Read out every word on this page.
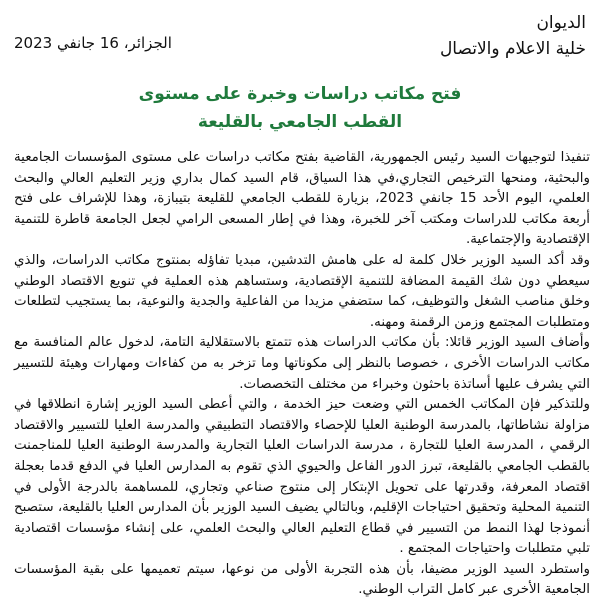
الديوان
خلية الاعلام والاتصال
الجزائر، 16 جانفي 2023
فتح مكاتب دراسات وخبرة على مستوى
القطب الجامعي بالقليعة

تنفيذا لتوجيهات السيد رئيس الجمهورية، القاضية بفتح مكاتب دراسات على مستوى المؤسسات الجامعية والبحثية، ومنحها الترخيص التجاري،في هذا السياق، قام السيد كمال بداري وزير التعليم العالي والبحث العلمي، اليوم الأحد 15 جانفي 2023، بزيارة للقطب الجامعي للقليعة بتيبازة، وهذا للإشراف على فتح أربعة مكاتب للدراسات ومكتب آخر للخبرة، وهذا في إطار المسعى الرامي لجعل الجامعة قاطرة للتنمية الإقتصادية والإجتماعية.

وقد أكد السيد الوزير خلال كلمة له على هامش التدشين، مبديا تفاؤله بمنتوج مكاتب الدراسات، والذي سيعطي دون شك القيمة المضافة للتنمية الإقتصادية، وستساهم هذه العملية في تنويع الاقتصاد الوطني وخلق مناصب الشغل والتوظيف، كما ستضفي مزيدا من الفاعلية والجدية والنوعية، بما يستجيب لتطلعات ومتطلبات المجتمع وزمن الرقمنة ومهنه.

وأضاف السيد الوزير قائلا: بأن مكاتب الدراسات هذه تتمتع بالاستقلالية التامة، لدخول عالم المنافسة مع مكاتب الدراسات الأخرى ، خصوصا بالنظر إلى مكوناتها وما تزخر به من كفاءات ومهارات وهيئة للتسيير التي يشرف عليها أساتذة باحثون وخبراء من مختلف التخصصات.

وللتذكير فإن المكاتب الخمس التي وضعت حيز الخدمة ، والتي أعطى السيد الوزير إشارة انطلاقها في مزاولة نشاطاتها، بالمدرسة الوطنية العليا للإحصاء والاقتصاد التطبيقي والمدرسة العليا للتسيير والاقتصاد الرقمي ، المدرسة العليا للتجارة ، مدرسة الدراسات العليا التجارية والمدرسة الوطنية العليا للمناجمنت بالقطب الجامعي بالقليعة، تبرز الدور الفاعل والحيوي الذي تقوم به المدارس العليا في الدفع قدما بعجلة اقتصاد المعرفة، وقدرتها على تحويل الإبتكار إلى منتوج صناعي وتجاري، للمساهمة بالدرجة الأولى في التنمية المحلية وتحقيق احتياجات الإقليم، وبالتالي يضيف السيد الوزير بأن المدارس العليا بالقليعة، ستصبح أنموذجا لهذا النمط من التسيير في قطاع التعليم العالي والبحث العلمي، على إنشاء مؤسسات اقتصادية تلبي متطلبات واحتياجات المجتمع .

واستطرد السيد الوزير مضيفا، بأن هذه التجربة الأولى من نوعها، سيتم تعميمها على بقية المؤسسات الجامعية الأخرى عبر كامل التراب الوطني.
